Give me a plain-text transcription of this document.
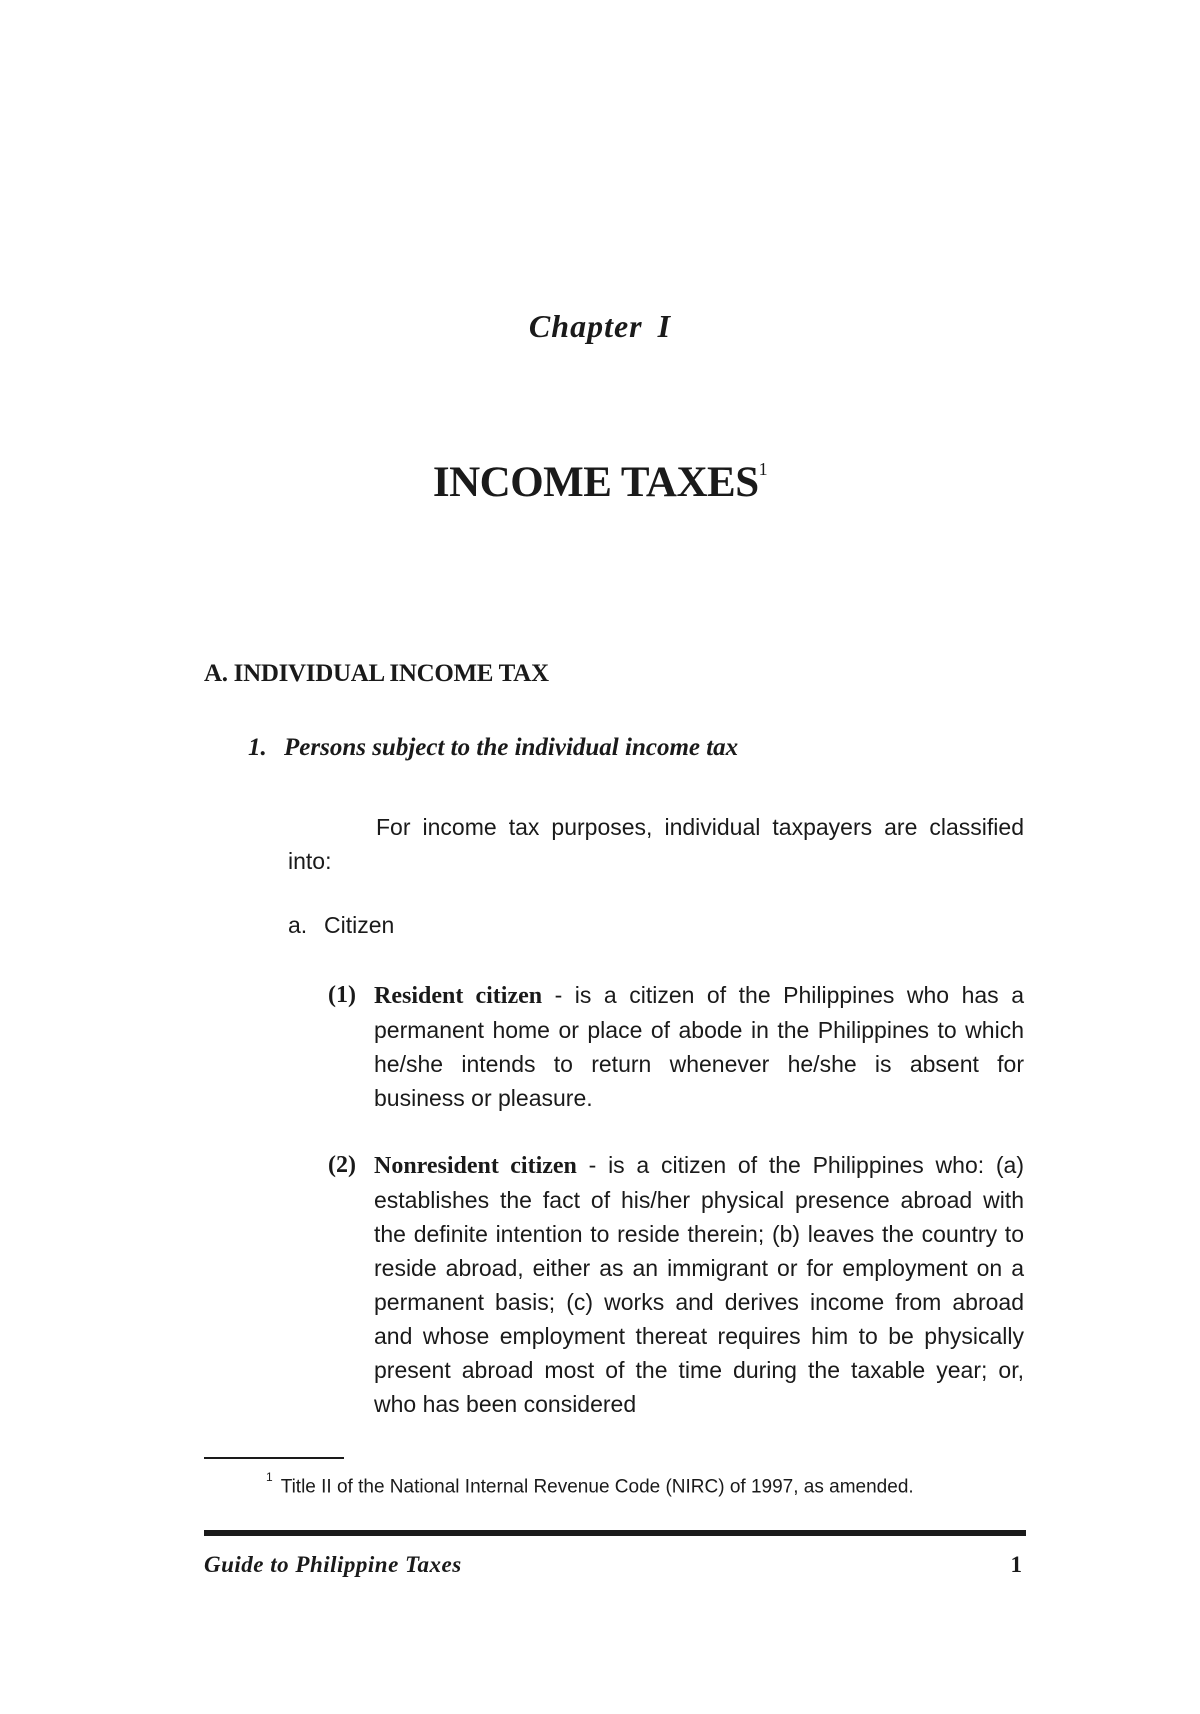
Chapter I
INCOME TAXES$^1$
A. INDIVIDUAL INCOME TAX
1. Persons subject to the individual income tax

For income tax purposes, individual taxpayers are classified into:

a. Citizen
(1) Resident citizen - is a citizen of the Philippines who has a permanent home or place of abode in the Philippines to which he/she intends to return whenever he/she is absent for business or pleasure.
(2) Nonresident citizen - is a citizen of the Philippines who: (a) establishes the fact of his/her physical presence abroad with the definite intention to reside therein; (b) leaves the country to reside abroad, either as an immigrant or for employment on a permanent basis; (c) works and derives income from abroad and whose employment thereat requires him to be physically present abroad most of the time during the taxable year; or, who has been considered
$^1$ Title II of the National Internal Revenue Code (NIRC) of 1997, as amended.
Guide to Philippine Taxes	1
